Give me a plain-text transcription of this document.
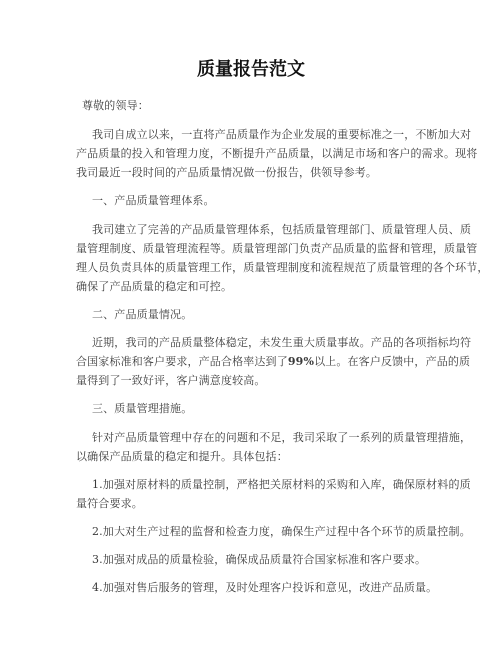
质量报告范文
尊敬的领导：
我司自成立以来，一直将产品质量作为企业发展的重要标准之一，不断加大对
产品质量的投入和管理力度，不断提升产品质量，以满足市场和客户的需求。现将
我司最近一段时间的产品质量情况做一份报告，供领导参考。
一、产品质量管理体系。
我司建立了完善的产品质量管理体系，包括质量管理部门、质量管理人员、质
量管理制度、质量管理流程等。质量管理部门负责产品质量的监督和管理，质量管
理人员负责具体的质量管理工作，质量管理制度和流程规范了质量管理的各个环节，
确保了产品质量的稳定和可控。
二、产品质量情况。
近期，我司的产品质量整体稳定，未发生重大质量事故。产品的各项指标均符
合国家标准和客户要求，产品合格率达到了99%以上。在客户反馈中，产品的质
量得到了一致好评，客户满意度较高。
三、质量管理措施。
针对产品质量管理中存在的问题和不足，我司采取了一系列的质量管理措施，
以确保产品质量的稳定和提升。具体包括：
1.加强对原材料的质量控制，严格把关原材料的采购和入库，确保原材料的质
量符合要求。
2.加大对生产过程的监督和检查力度，确保生产过程中各个环节的质量控制。
3.加强对成品的质量检验，确保成品质量符合国家标准和客户要求。
4.加强对售后服务的管理，及时处理客户投诉和意见，改进产品质量。
